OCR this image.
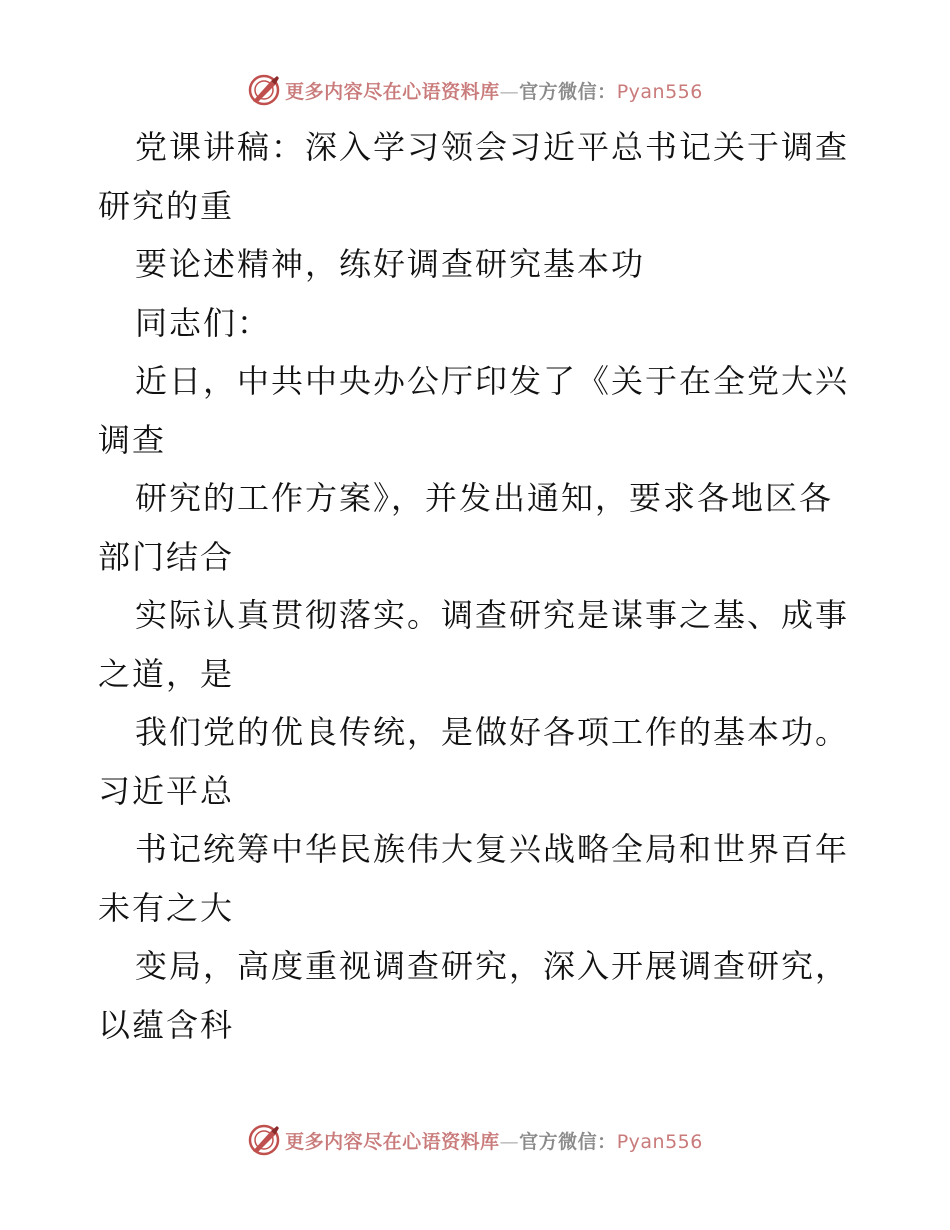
更多内容尽在心语资料库—官方微信：Pyan556
党课讲稿：深入学习领会习近平总书记关于调查
研究的重
要论述精神，练好调查研究基本功
同志们：
近日，中共中央办公厅印发了《关于在全党大兴
调查
研究的工作方案》，并发出通知，要求各地区各
部门结合
实际认真贯彻落实。调查研究是谋事之基、成事
之道，是
我们党的优良传统，是做好各项工作的基本功。
习近平总
书记统筹中华民族伟大复兴战略全局和世界百年
未有之大
变局，高度重视调查研究，深入开展调查研究，
以蕴含科
更多内容尽在心语资料库—官方微信：Pyan556
